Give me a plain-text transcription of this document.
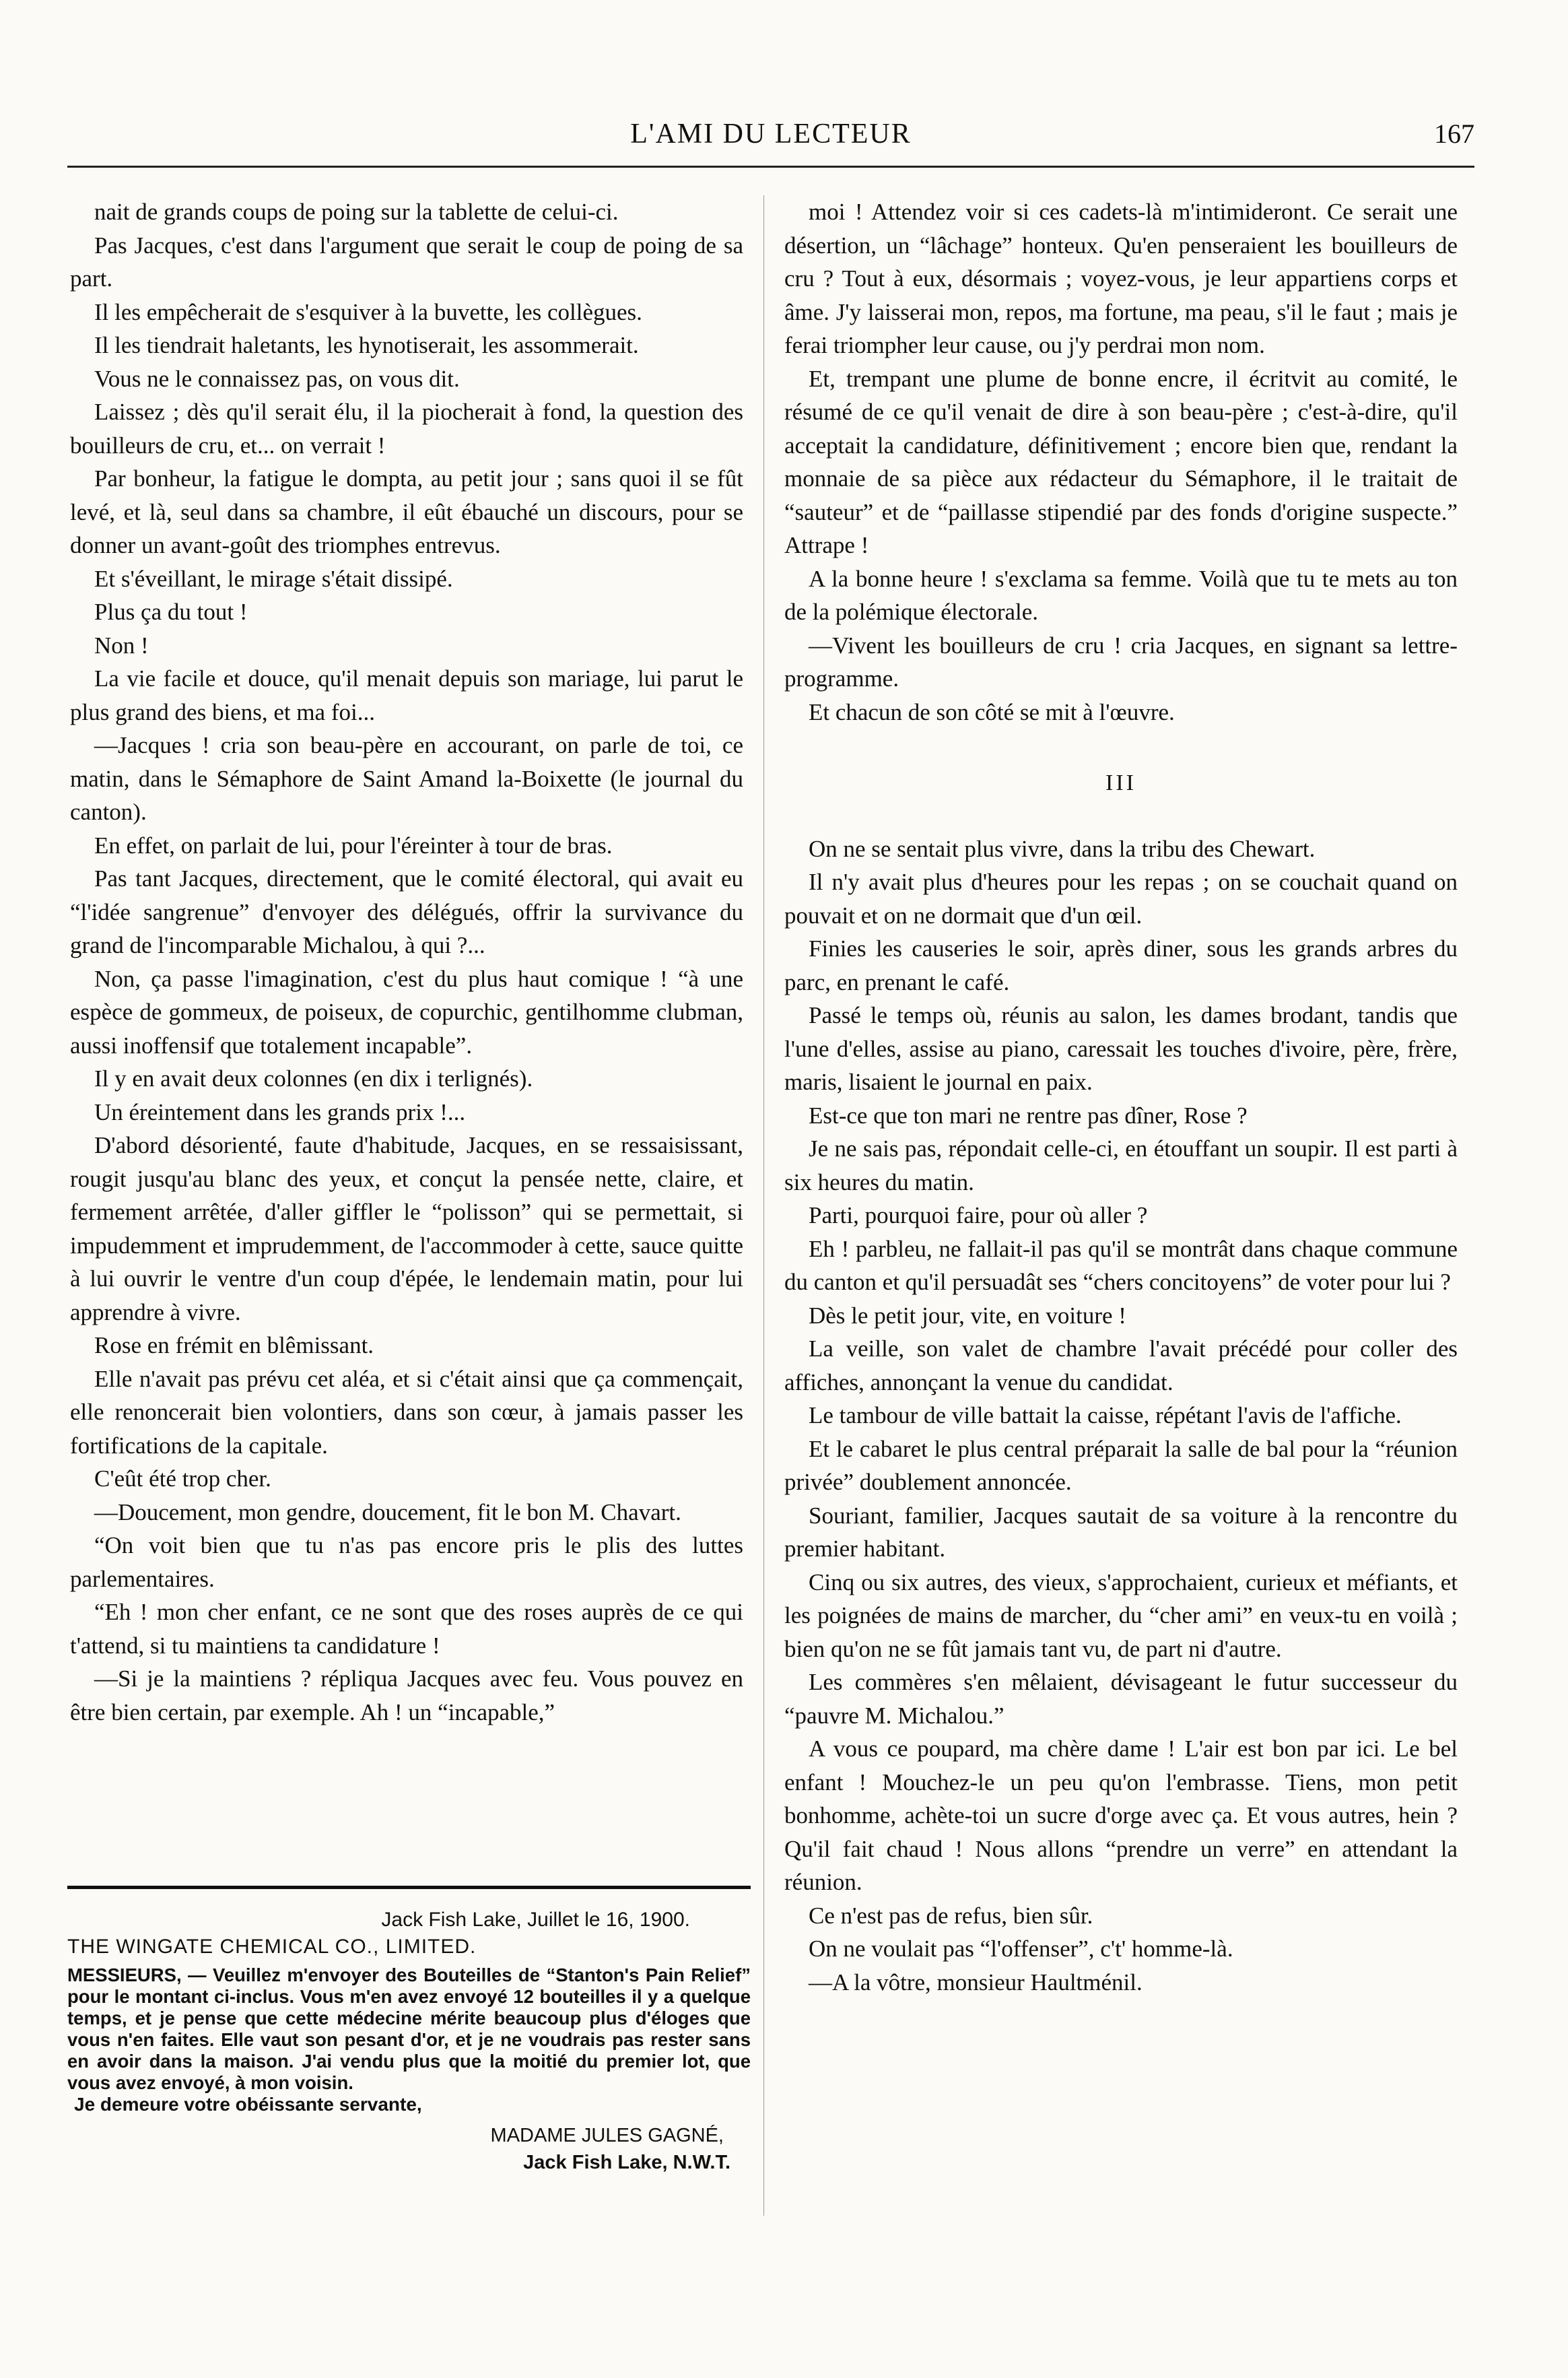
L'AMI DU LECTEUR	167

nait de grands coups de poing sur la tablette de celui-ci.

Pas Jacques, c'est dans l'argument que serait le coup de poing de sa part.

Il les empêcherait de s'esquiver à la buvette, les collègues.

Il les tiendrait haletants, les hynotiserait, les assommerait.

Vous ne le connaissez pas, on vous dit.

Laissez ; dès qu'il serait élu, il la piocherait à fond, la question des bouilleurs de cru, et... on verrait !

Par bonheur, la fatigue le dompta, au petit jour ; sans quoi il se fût levé, et là, seul dans sa chambre, il eût ébauché un discours, pour se donner un avant-goût des triomphes entrevus.

Et s'éveillant, le mirage s'était dissipé.

Plus ça du tout !

Non !

La vie facile et douce, qu'il menait depuis son mariage, lui parut le plus grand des biens, et ma foi...

—Jacques ! cria son beau-père en accourant, on parle de toi, ce matin, dans le Sémaphore de Saint Amand la-Boixette (le journal du canton).

En effet, on parlait de lui, pour l'éreinter à tour de bras.

Pas tant Jacques, directement, que le comité électoral, qui avait eu “l'idée sangrenue” d'envoyer des délégués, offrir la survivance du grand de l'incomparable Michalou, à qui ?...

Non, ça passe l'imagination, c'est du plus haut comique ! “à une espèce de gommeux, de poiseux, de copurchic, gentilhomme clubman, aussi inoffensif que totalement incapable”.

Il y en avait deux colonnes (en dix i terlignés).

Un éreintement dans les grands prix !...

D'abord désorienté, faute d'habitude, Jacques, en se ressaisissant, rougit jusqu'au blanc des yeux, et conçut la pensée nette, claire, et fermement arrêtée, d'aller giffler le “polisson” qui se permettait, si impudemment et imprudemment, de l'accommoder à cette, sauce quitte à lui ouvrir le ventre d'un coup d'épée, le lendemain matin, pour lui apprendre à vivre.

Rose en frémit en blêmissant.

Elle n'avait pas prévu cet aléa, et si c'était ainsi que ça commençait, elle renoncerait bien volontiers, dans son cœur, à jamais passer les fortifications de la capitale.

C'eût été trop cher.

—Doucement, mon gendre, doucement, fit le bon M. Chavart.

“On voit bien que tu n'as pas encore pris le plis des luttes parlementaires.

“Eh ! mon cher enfant, ce ne sont que des roses auprès de ce qui t'attend, si tu maintiens ta candidature !

—Si je la maintiens ? répliqua Jacques avec feu. Vous pouvez en être bien certain, par exemple. Ah ! un “incapable,”

moi ! Attendez voir si ces cadets-là m'intimideront. Ce serait une désertion, un “lâchage” honteux. Qu'en penseraient les bouilleurs de cru ? Tout à eux, désormais ; voyez-vous, je leur appartiens corps et âme. J'y laisserai mon, repos, ma fortune, ma peau, s'il le faut ; mais je ferai triompher leur cause, ou j'y perdrai mon nom.

Et, trempant une plume de bonne encre, il écritvit au comité, le résumé de ce qu'il venait de dire à son beau-père ; c'est-à-dire, qu'il acceptait la candidature, définitivement ; encore bien que, rendant la monnaie de sa pièce aux rédacteur du Sémaphore, il le traitait de “sauteur” et de “paillasse stipendié par des fonds d'origine suspecte.” Attrape !

A la bonne heure ! s'exclama sa femme. Voilà que tu te mets au ton de la polémique électorale.

—Vivent les bouilleurs de cru ! cria Jacques, en signant sa lettre-programme.

Et chacun de son côté se mit à l'œuvre.

III

On ne se sentait plus vivre, dans la tribu des Chewart.

Il n'y avait plus d'heures pour les repas ; on se couchait quand on pouvait et on ne dormait que d'un œil.

Finies les causeries le soir, après diner, sous les grands arbres du parc, en prenant le café.

Passé le temps où, réunis au salon, les dames brodant, tandis que l'une d'elles, assise au piano, caressait les touches d'ivoire, père, frère, maris, lisaient le journal en paix.

Est-ce que ton mari ne rentre pas dîner, Rose ?

Je ne sais pas, répondait celle-ci, en étouffant un soupir. Il est parti à six heures du matin.

Parti, pourquoi faire, pour où aller ?

Eh ! parbleu, ne fallait-il pas qu'il se montrât dans chaque commune du canton et qu'il persuadât ses “chers concitoyens” de voter pour lui ?

Dès le petit jour, vite, en voiture !

La veille, son valet de chambre l'avait précédé pour coller des affiches, annonçant la venue du candidat.

Le tambour de ville battait la caisse, répétant l'avis de l'affiche.

Et le cabaret le plus central préparait la salle de bal pour la “réunion privée” doublement annoncée.

Souriant, familier, Jacques sautait de sa voiture à la rencontre du premier habitant.

Cinq ou six autres, des vieux, s'approchaient, curieux et méfiants, et les poignées de mains de marcher, du “cher ami” en veux-tu en voilà ; bien qu'on ne se fût jamais tant vu, de part ni d'autre.

Les commères s'en mêlaient, dévisageant le futur successeur du “pauvre M. Michalou.”

A vous ce poupard, ma chère dame ! L'air est bon par ici. Le bel enfant ! Mouchez-le un peu qu'on l'embrasse. Tiens, mon petit bonhomme, achète-toi un sucre d'orge avec ça. Et vous autres, hein ? Qu'il fait chaud ! Nous allons “prendre un verre” en attendant la réunion.

Ce n'est pas de refus, bien sûr.

On ne voulait pas “l'offenser”, c't' homme-là.

—A la vôtre, monsieur Haultménil.

Jack Fish Lake, Juillet le 16, 1900.
THE WINGATE CHEMICAL CO., LIMITED.
MESSIEURS, — Veuillez m'envoyer des Bouteilles de “Stanton's Pain Relief” pour le montant ci-inclus. Vous m'en avez envoyé 12 bouteilles il y a quelque temps, et je pense que cette médecine mérite beaucoup plus d'éloges que vous n'en faites. Elle vaut son pesant d'or, et je ne voudrais pas rester sans en avoir dans la maison. J'ai vendu plus que la moitié du premier lot, que vous avez envoyé, à mon voisin.
Je demeure votre obéissante servante,
MADAME JULES GAGNÉ,
Jack Fish Lake, N.W.T.
